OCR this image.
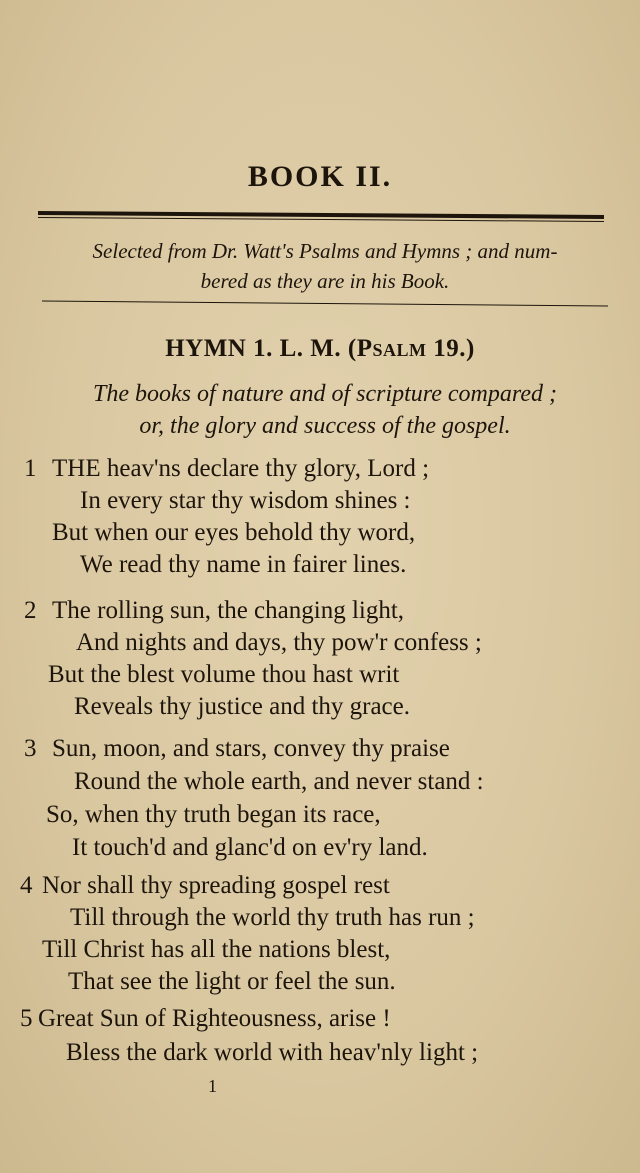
BOOK II.
Selected from Dr. Watt's Psalms and Hymns ; and num-
bered as they are in his Book.
HYMN 1. L. M. (Psalm 19.)
The books of nature and of scripture compared ;
or, the glory and success of the gospel.
1 THE heav'ns declare thy glory, Lord ;
In every star thy wisdom shines :
But when our eyes behold thy word,
We read thy name in fairer lines.
2 The rolling sun, the changing light,
And nights and days, thy pow'r confess ;
But the blest volume thou hast writ
Reveals thy justice and thy grace.
3 Sun, moon, and stars, convey thy praise
Round the whole earth, and never stand :
So, when thy truth began its race,
It touch'd and glanc'd on ev'ry land.
4 Nor shall thy spreading gospel rest
Till through the world thy truth has run ;
Till Christ has all the nations blest,
That see the light or feel the sun.
5 Great Sun of Righteousness, arise !
Bless the dark world with heav'nly light ;
1
